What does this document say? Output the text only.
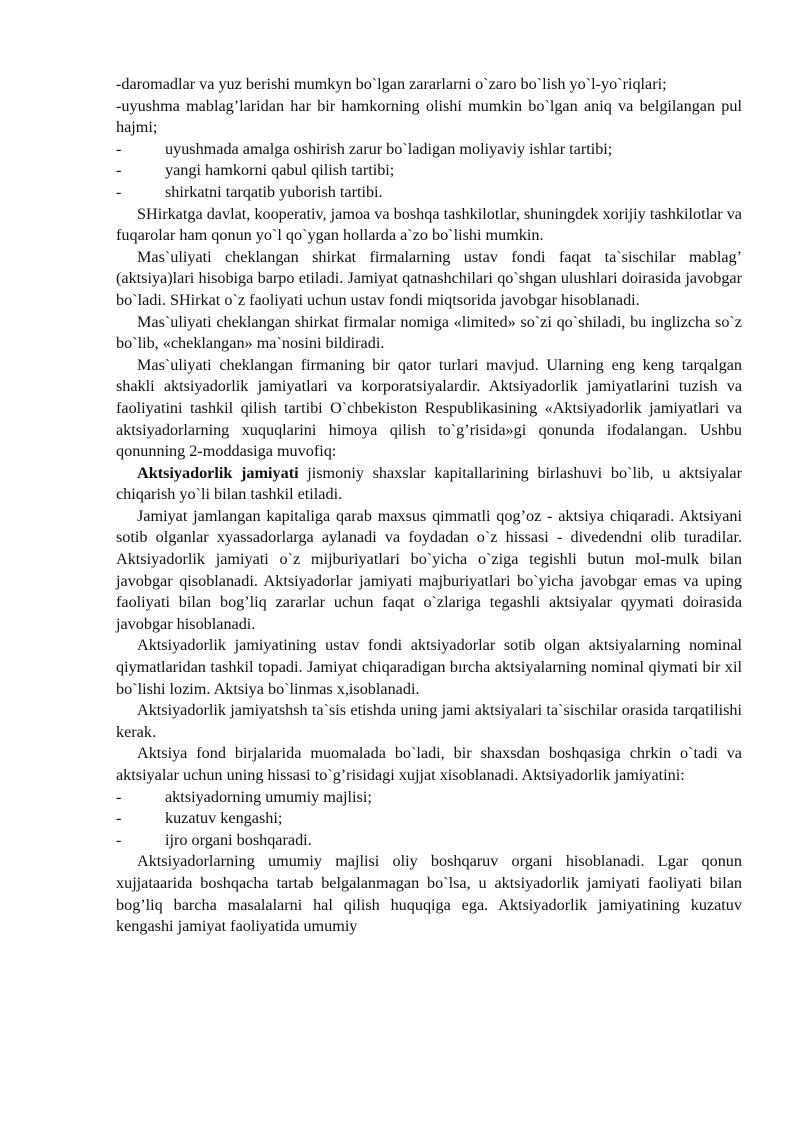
-daromadlar va yuz berishi mumkyn bo`lgan zararlarni o`zaro bo`lish yo`l-yo`riqlari;

-uyushma mablag’laridan har bir hamkorning olishi mumkin bo`lgan aniq va belgilangan pul hajmi;

-	uyushmada amalga oshirish zarur bo`ladigan moliyaviy ishlar tartibi;
-	yangi hamkorni qabul qilish tartibi;
-	shirkatni tarqatib yuborish tartibi.

SHirkatga davlat, kooperativ, jamoa va boshqa tashkilotlar, shuningdek xorijiy tashkilotlar va fuqarolar ham qonun yo`l qo`ygan hollarda a`zo bo`lishi mumkin.

Mas`uliyati cheklangan shirkat firmalarning ustav fondi faqat ta`sischilar mablag’ (aktsiya)lari hisobiga barpo etiladi. Jamiyat qatnashchilari qo`shgan ulushlari doirasida javobgar bo`ladi. SHirkat o`z faoliyati uchun ustav fondi miqtsorida javobgar hisoblanadi.

Mas`uliyati cheklangan shirkat firmalar nomiga «limited» so`zi qo`shiladi, bu inglizcha so`z bo`lib, «cheklangan» ma`nosini bildiradi.

Mas`uliyati cheklangan firmaning bir qator turlari mavjud. Ularning eng keng tarqalgan shakli aktsiyadorlik jamiyatlari va korporatsiyalardir. Aktsiyadorlik jamiyatlarini tuzish va faoliyatini tashkil qilish tartibi O`chbekiston Respublikasining «Aktsiyadorlik jamiyatlari va aktsiyadorlarning xuquqlarini himoya qilish to`g’risida»gi qonunda ifodalangan. Ushbu qonunning 2-moddasiga muvofiq:

Aktsiyadorlik jamiyati jismoniy shaxslar kapitallarining birlashuvi bo`lib, u aktsiyalar chiqarish yo`li bilan tashkil etiladi.

Jamiyat jamlangan kapitaliga qarab maxsus qimmatli qog’oz - aktsiya chiqaradi. Aktsiyani sotib olganlar xyassadorlarga aylanadi va foydadan o`z hissasi - divedendni olib turadilar. Aktsiyadorlik jamiyati o`z mijburiyatlari bo`yicha o`ziga tegishli butun mol-mulk bilan javobgar qisoblanadi. Aktsiyadorlar jamiyati majburiyatlari bo`yicha javobgar emas va uping faoliyati bilan bog’liq zararlar uchun faqat o`zlariga tegashli aktsiyalar qyymati doirasida javobgar hisoblanadi.

Aktsiyadorlik jamiyatining ustav fondi aktsiyadorlar sotib olgan aktsiyalarning nominal qiymatlaridan tashkil topadi. Jamiyat chiqaradigan bırcha aktsiyalarning nominal qiymati bir xil bo`lishi lozim. Aktsiya bo`linmas x,isoblanadi.

Aktsiyadorlik jamiyatshsh ta`sis etishda uning jami aktsiyalari ta`sischilar orasida tarqatilishi kerak.

Aktsiya fond birjalarida muomalada bo`ladi, bir shaxsdan boshqasiga chrkin o`tadi va aktsiyalar uchun uning hissasi to`g’risidagi xujjat xisoblanadi. Aktsiyadorlik jamiyatini:

-	aktsiyadorning umumiy majlisi;
-	kuzatuv kengashi;
-	ijro organi boshqaradi.

Aktsiyadorlarning umumiy majlisi oliy boshqaruv organi hisoblanadi. Lgar qonun xujjataarida boshqacha tartab belgalanmagan bo`lsa, u aktsiyadorlik jamiyati faoliyati bilan bog’liq barcha masalalarni hal qilish huquqiga ega. Aktsiyadorlik jamiyatining kuzatuv kengashi jamiyat faoliyatida umumiy
